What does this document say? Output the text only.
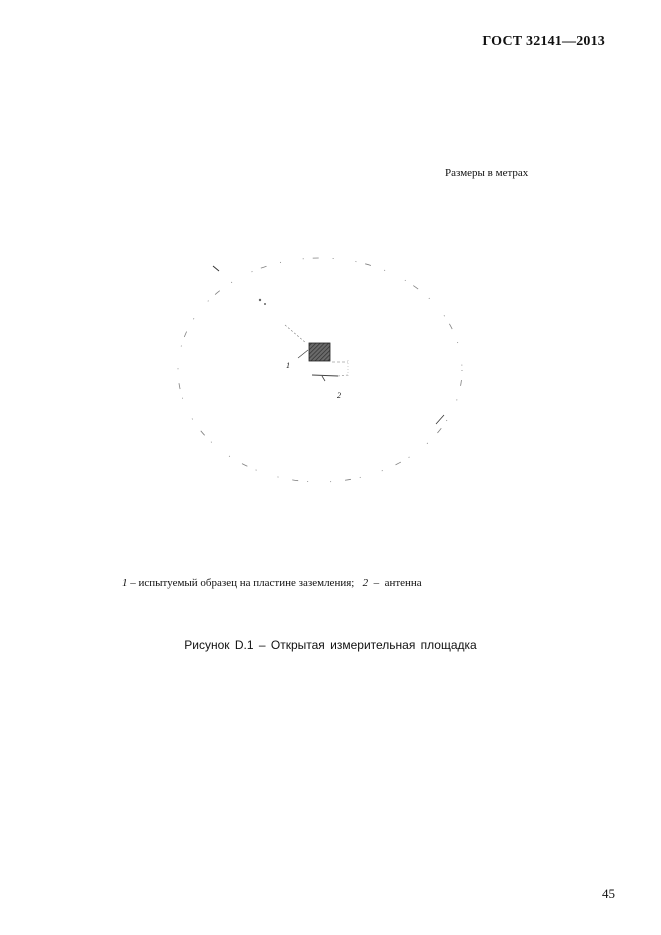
ГОСТ 32141—2013
Размеры в метрах
1
2
1 – испытуемый образец на пластине заземления;   2  –  антенна
Рисунок D.1 – Открытая измерительная площадка
45
